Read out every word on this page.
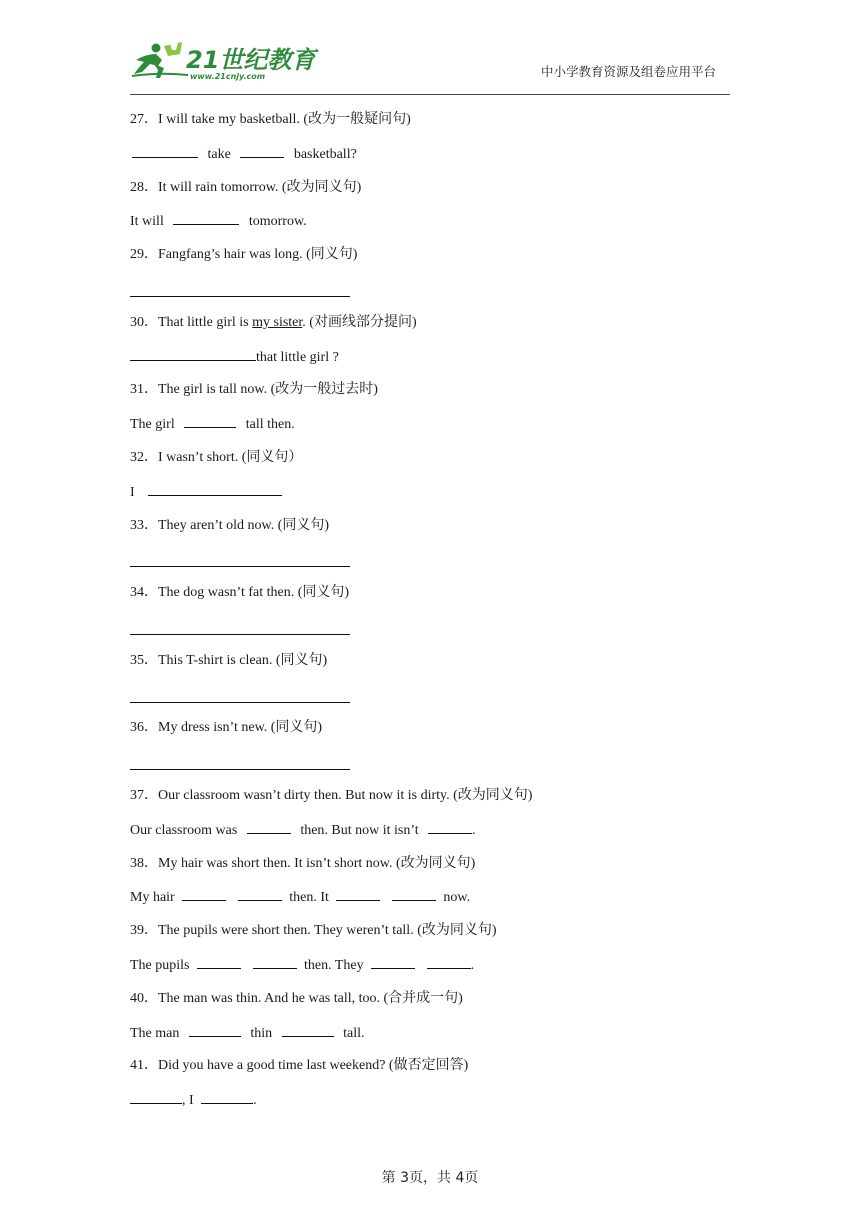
21世纪教育
www.21cnjy.com	中小学教育资源及组卷应用平台
27．I will take my basketball. (改为一般疑问句)
take	basketball?
28．It will rain tomorrow. (改为同义句)
It will	tomorrow.
29．Fangfang’s hair was long. (同义句)
30．That little girl is my sister. (对画线部分提问)
that little girl ?
31．The girl is tall now. (改为一般过去时)
The girl	tall then.
32．I wasn’t short. (同义句）
I
33．They aren’t old now. (同义句)
34．The dog wasn’t fat then. (同义句)
35．This T-shirt is clean. (同义句)
36．My dress isn’t new. (同义句)
37．Our classroom wasn’t dirty then. But now it is dirty. (改为同义句)
Our classroom was	then. But now it isn’t	.
38．My hair was short then. It isn’t short now. (改为同义句)
My hair	then. It	now.
39．The pupils were short then. They weren’t tall. (改为同义句)
The pupils	then. They	.
40．The man was thin. And he was tall, too. (合并成一句)
The man	thin	tall.
41．Did you have a good time last weekend? (做否定回答)
, I	.
第 3页，共 4页
